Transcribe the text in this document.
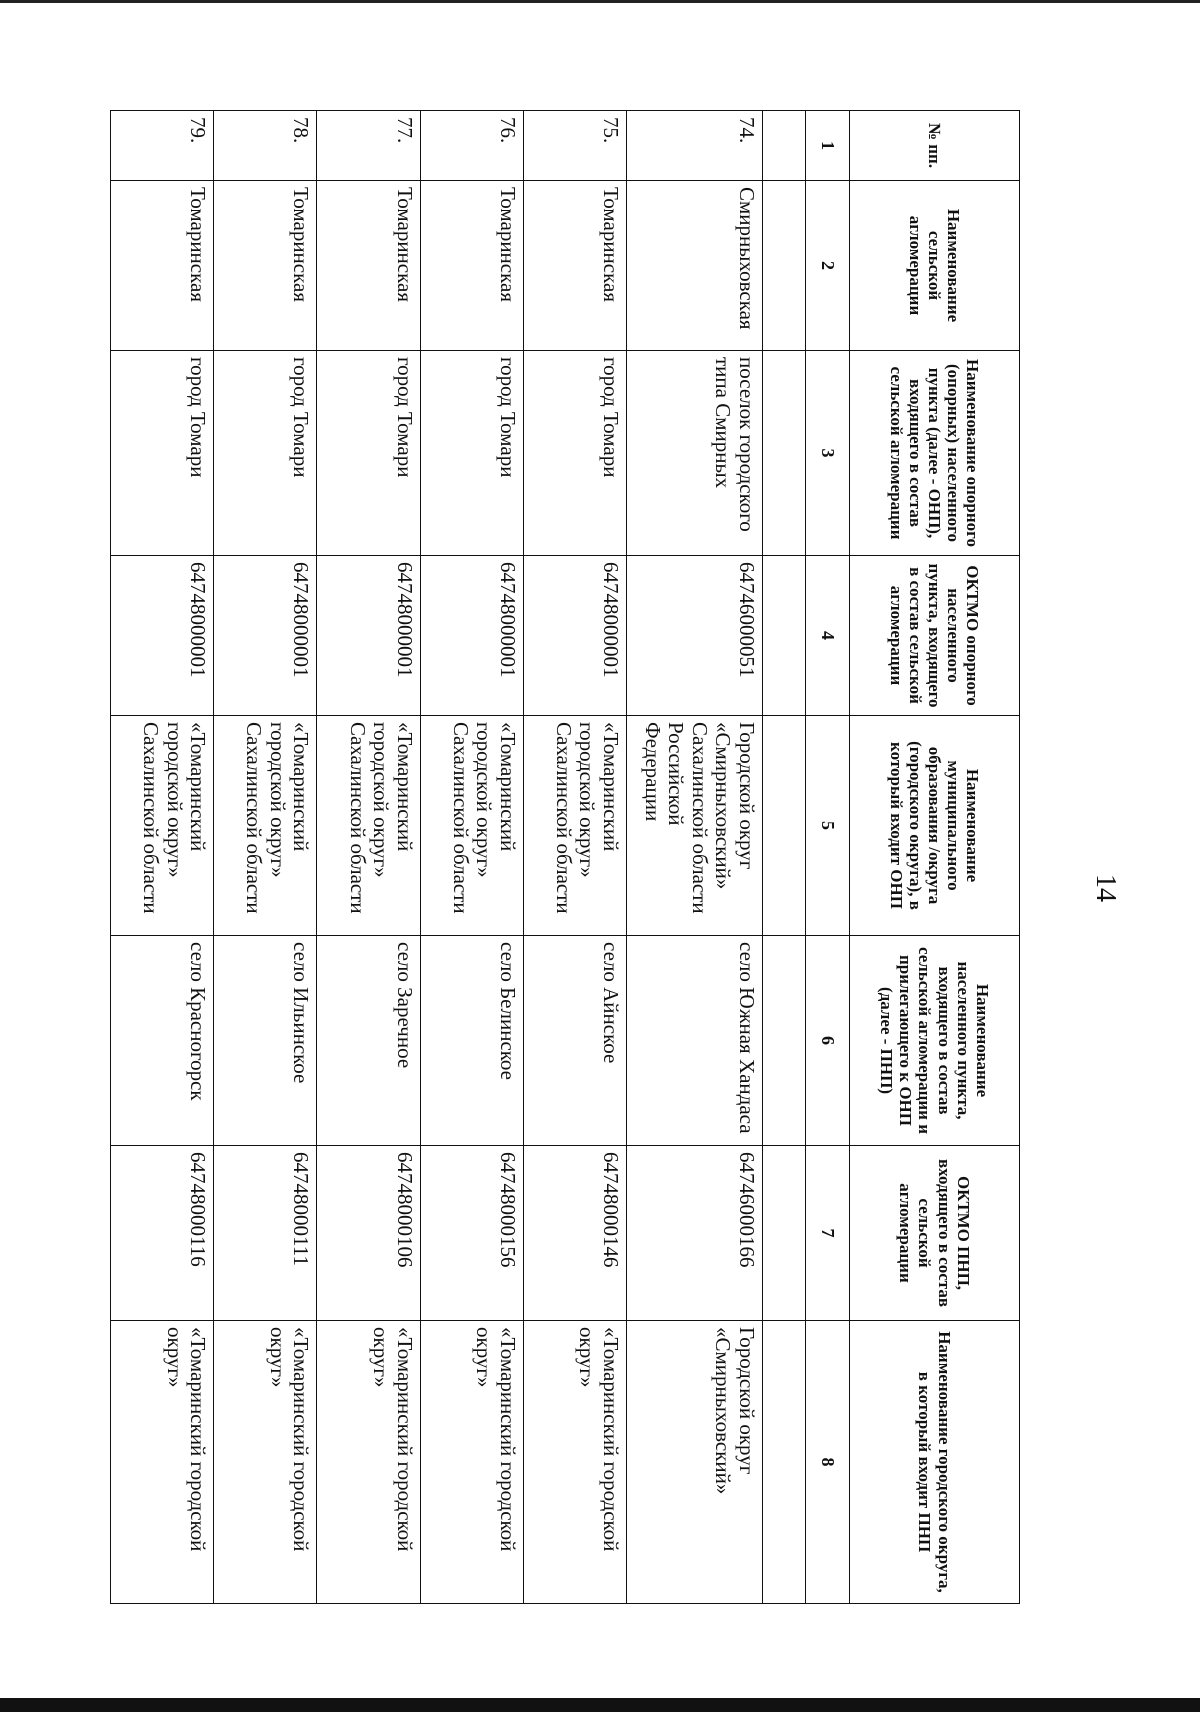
14
№ пп.	Наименование сельской агломерации	Наименование опорного (опорных) населенного пункта (далее - ОНП), входящего в состав сельской агломерации	ОКТМО опорного населенного пункта, входящего в состав сельской агломерации	Наименование муниципального образования /округа (городского округа), в который входит ОНП	Наименование населенного пункта, входящего в состав сельской агломерации и прилегающего к ОНП (далее - ПНП)	ОКТМО ПНП, входящего в состав сельской агломерации	Наименование городского округа, в который входит ПНП
1	2	3	4	5	6	7	8

74.	Смирныховская	поселок городского типа Смирных	64746000051	Городской округ «Смирныховский» Сахалинской области Российской Федерации	село Южная Хандаса	64746000166	Городской округ «Смирныховский»
75.	Томаринская	город Томари	64748000001	«Томаринский городской округ» Сахалинской области	село Айнское	64748000146	«Томаринский городской округ»
76.	Томаринская	город Томари	64748000001	«Томаринский городской округ» Сахалинской области	село Белинское	64748000156	«Томаринский городской округ»
77.	Томаринская	город Томари	64748000001	«Томаринский городской округ» Сахалинской области	село Заречное	64748000106	«Томаринский городской округ»
78.	Томаринская	город Томари	64748000001	«Томаринский городской округ» Сахалинской области	село Ильинское	64748000111	«Томаринский городской округ»
79.	Томаринская	город Томари	64748000001	«Томаринский городской округ» Сахалинской области	село Красногорск	64748000116	«Томаринский городской округ»
